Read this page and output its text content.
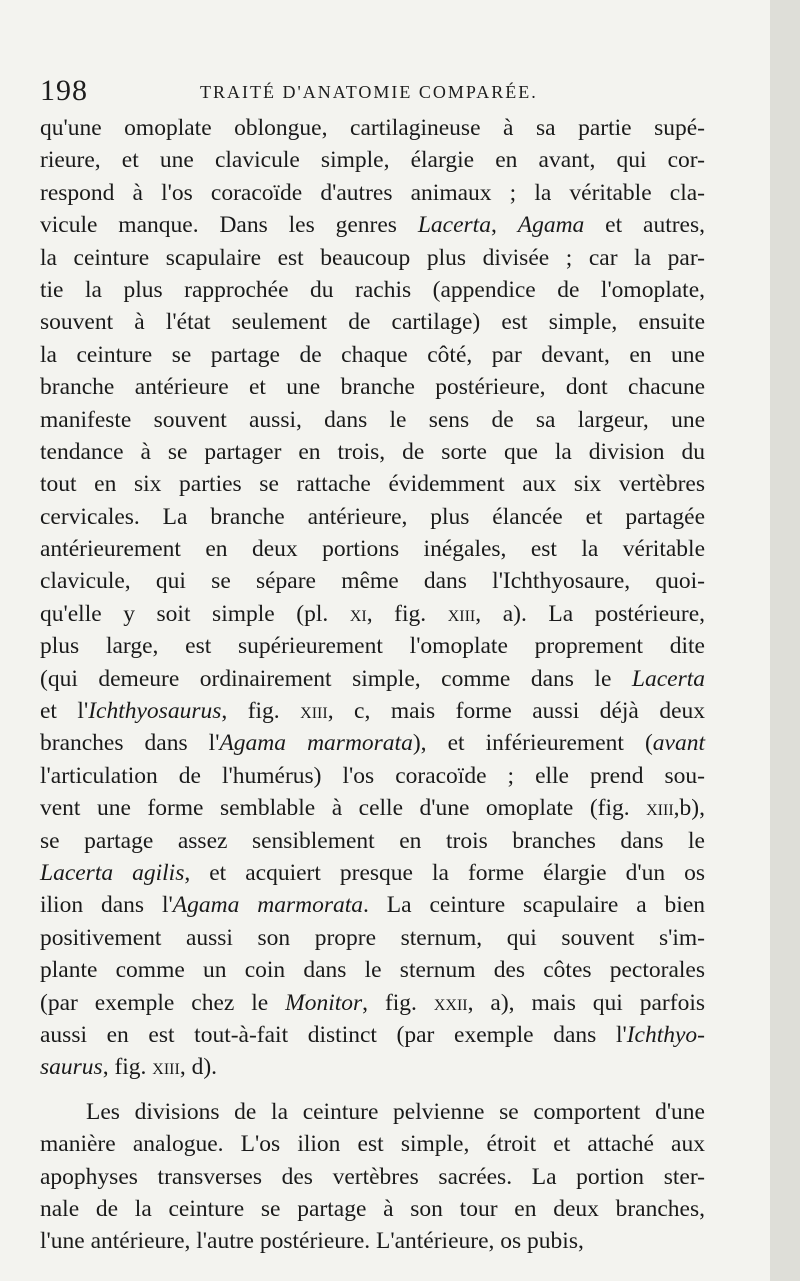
198	TRAITÉ D'ANATOMIE COMPARÉE.
qu'une omoplate oblongue, cartilagineuse à sa partie supé-
rieure, et une clavicule simple, élargie en avant, qui cor-
respond à l'os coracoïde d'autres animaux ; la véritable cla-
vicule manque. Dans les genres Lacerta, Agama et autres,
la ceinture scapulaire est beaucoup plus divisée ; car la par-
tie la plus rapprochée du rachis (appendice de l'omoplate,
souvent à l'état seulement de cartilage) est simple, ensuite
la ceinture se partage de chaque côté, par devant, en une
branche antérieure et une branche postérieure, dont chacune
manifeste souvent aussi, dans le sens de sa largeur, une
tendance à se partager en trois, de sorte que la division du
tout en six parties se rattache évidemment aux six vertèbres
cervicales. La branche antérieure, plus élancée et partagée
antérieurement en deux portions inégales, est la véritable
clavicule, qui se sépare même dans l'Ichthyosaure, quoi-
qu'elle y soit simple (pl. xi, fig. xiii, a). La postérieure,
plus large, est supérieurement l'omoplate proprement dite
(qui demeure ordinairement simple, comme dans le Lacerta
et l'Ichthyosaurus, fig. xiii, c, mais forme aussi déjà deux
branches dans l'Agama marmorata), et inférieurement (avant
l'articulation de l'humérus) l'os coracoïde ; elle prend sou-
vent une forme semblable à celle d'une omoplate (fig. xiii,b),
se partage assez sensiblement en trois branches dans le
Lacerta agilis, et acquiert presque la forme élargie d'un os
ilion dans l'Agama marmorata. La ceinture scapulaire a bien
positivement aussi son propre sternum, qui souvent s'im-
plante comme un coin dans le sternum des côtes pectorales
(par exemple chez le Monitor, fig. xxii, a), mais qui parfois
aussi en est tout-à-fait distinct (par exemple dans l'Ichthyo-
saurus, fig. xiii, d).
Les divisions de la ceinture pelvienne se comportent d'une
manière analogue. L'os ilion est simple, étroit et attaché aux
apophyses transverses des vertèbres sacrées. La portion ster-
nale de la ceinture se partage à son tour en deux branches,
l'une antérieure, l'autre postérieure. L'antérieure, os pubis,
